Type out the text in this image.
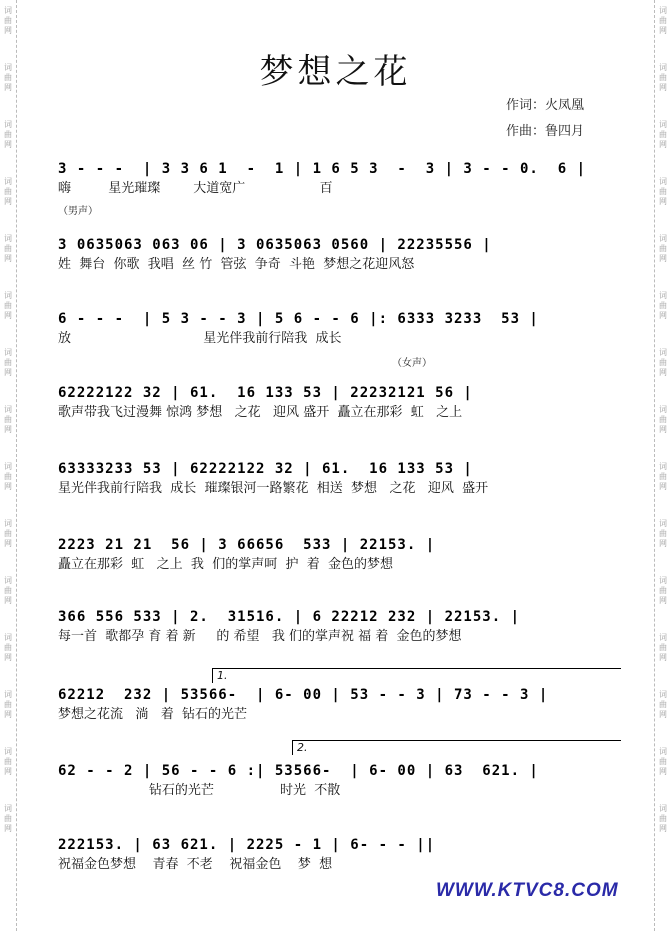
词曲网
词曲网
词曲网
词曲网
词曲网
词曲网
词曲网
词曲网
词曲网
词曲网
词曲网
词曲网
词曲网
词曲网
词曲网
词曲网
词曲网
词曲网
词曲网
词曲网
词曲网
词曲网
词曲网
词曲网
词曲网
词曲网
词曲网
词曲网
词曲网
词曲网
梦想之花
作词：火凤凰
作曲：鲁四月
3 - - -  | 3 3 6 1  -  1 | 1 6 5 3  -  3 | 3 - - 0.  6 |
嗨         星光璀璨        大道宽广                  百
（男声）
3 0635063 063 06 | 3 0635063 0560 | 22235556 |
姓  舞台  你歌  我唱  丝 竹  管弦  争奇  斗艳  梦想之花迎风怒
6 - - -  | 5 3 - - 3 | 5 6 - - 6 |: 6333 3233  53 |
放                                星光伴我前行陪我  成长
（女声）
62222122 32 | 61.  16 133 53 | 22232121 56 |
歌声带我飞过漫舞 惊鸿 梦想   之花   迎风 盛开  矗立在那彩  虹   之上
63333233 53 | 62222122 32 | 61.  16 133 53 |
星光伴我前行陪我  成长  璀璨银河一路繁花  相送  梦想   之花   迎风  盛开
2223 21 21  56 | 3 66656  533 | 22153. |
矗立在那彩  虹   之上  我  们的掌声呵  护  着  金色的梦想
366 556 533 | 2.  31516. | 6 22212 232 | 22153. |
每一首  歌都孕 育 着 新     的 希望   我 们的掌声祝 福 着  金色的梦想
1.
62212  232 | 53566-  | 6- 00 | 53 - - 3 | 73 - - 3 |
梦想之花流   淌   着  钻石的光芒
2.
62 - - 2 | 56 - - 6 :| 53566-  | 6- 00 | 63  621. |
钻石的光芒                时光  不散
222153. | 63 621. | 2225 - 1 | 6- - - ||
祝福金色梦想    青春  不老    祝福金色    梦  想
WWW.KTVC8.COM
